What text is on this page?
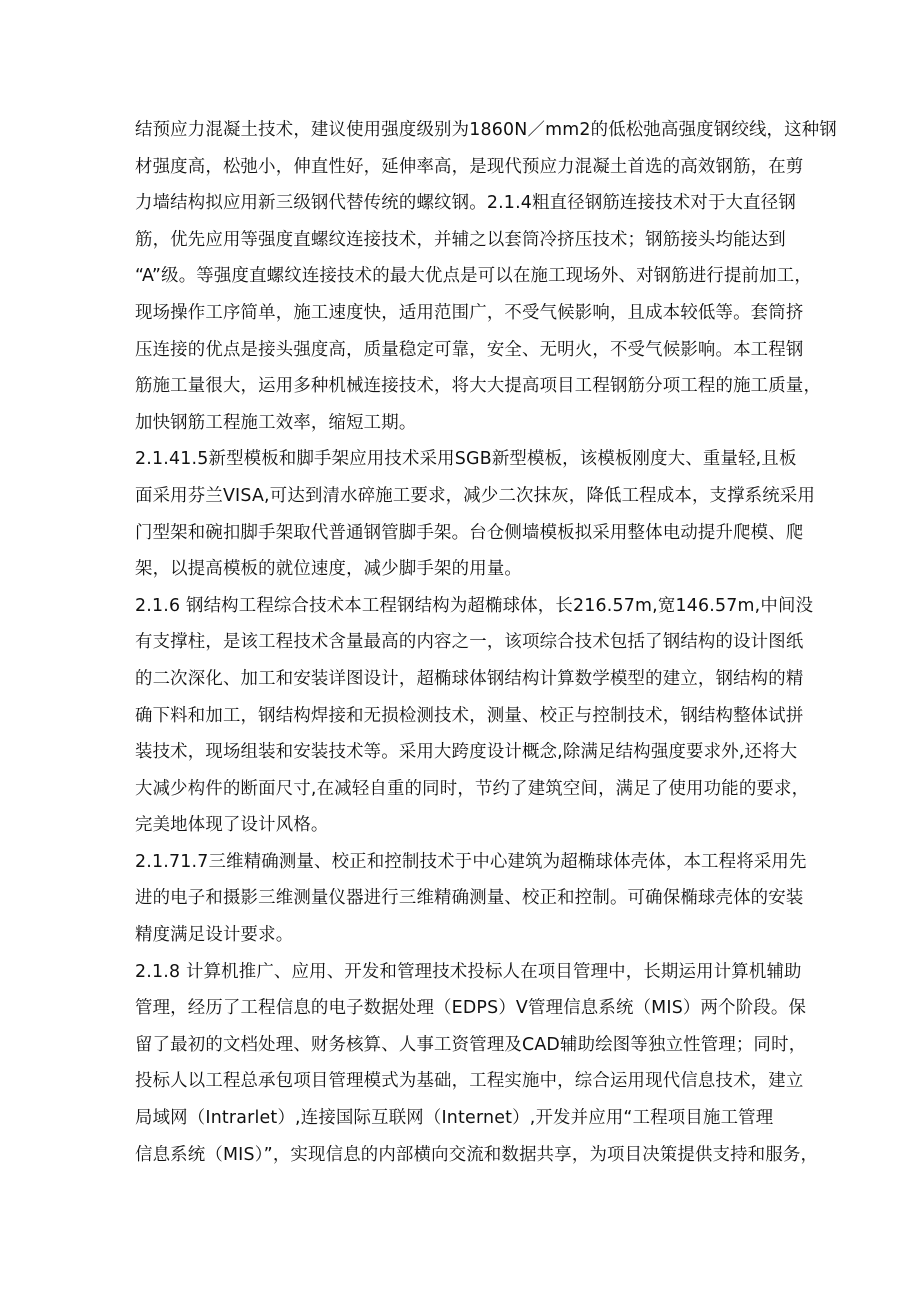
结预应力混凝土技术，建议使用强度级别为1860N／mm2的低松弛高强度钢绞线，这种钢
材强度高，松弛小，伸直性好，延伸率高，是现代预应力混凝土首选的高效钢筋，在剪
力墙结构拟应用新三级钢代替传统的螺纹钢。2.1.4粗直径钢筋连接技术对于大直径钢
筋，优先应用等强度直螺纹连接技术，并辅之以套筒冷挤压技术；钢筋接头均能达到
“A”级。等强度直螺纹连接技术的最大优点是可以在施工现场外、对钢筋进行提前加工，
现场操作工序简单，施工速度快，适用范围广，不受气候影响，且成本较低等。套筒挤
压连接的优点是接头强度高，质量稳定可靠，安全、无明火，不受气候影响。本工程钢
筋施工量很大，运用多种机械连接技术，将大大提高项目工程钢筋分项工程的施工质量，
加快钢筋工程施工效率，缩短工期。
2.1.41.5新型模板和脚手架应用技术采用SGB新型模板，该模板刚度大、重量轻,且板
面采用芬兰VISA,可达到清水碎施工要求，减少二次抹灰，降低工程成本，支撑系统采用
门型架和碗扣脚手架取代普通钢管脚手架。台仓侧墙模板拟采用整体电动提升爬模、爬
架，以提高模板的就位速度，减少脚手架的用量。
2.1.6 钢结构工程综合技术本工程钢结构为超椭球体，长216.57m,宽146.57m,中间没
有支撑柱，是该工程技术含量最高的内容之一，该项综合技术包括了钢结构的设计图纸
的二次深化、加工和安装详图设计，超椭球体钢结构计算数学模型的建立，钢结构的精
确下料和加工，钢结构焊接和无损检测技术，测量、校正与控制技术，钢结构整体试拼
装技术，现场组装和安装技术等。采用大跨度设计概念,除满足结构强度要求外,还将大
大减少构件的断面尺寸,在减轻自重的同时，节约了建筑空间，满足了使用功能的要求，
完美地体现了设计风格。
2.1.71.7三维精确测量、校正和控制技术于中心建筑为超椭球体壳体，本工程将采用先
进的电子和摄影三维测量仪器进行三维精确测量、校正和控制。可确保椭球壳体的安装
精度满足设计要求。
2.1.8 计算机推广、应用、开发和管理技术投标人在项目管理中，长期运用计算机辅助
管理，经历了工程信息的电子数据处理（EDPS）V管理信息系统（MIS）两个阶段。保
留了最初的文档处理、财务核算、人事工资管理及CAD辅助绘图等独立性管理；同时，
投标人以工程总承包项目管理模式为基础，工程实施中，综合运用现代信息技术，建立
局域网（Intrarlet）,连接国际互联网（Internet）,开发并应用“工程项目施工管理
信息系统（MIS）”，实现信息的内部横向交流和数据共享，为项目决策提供支持和服务，
